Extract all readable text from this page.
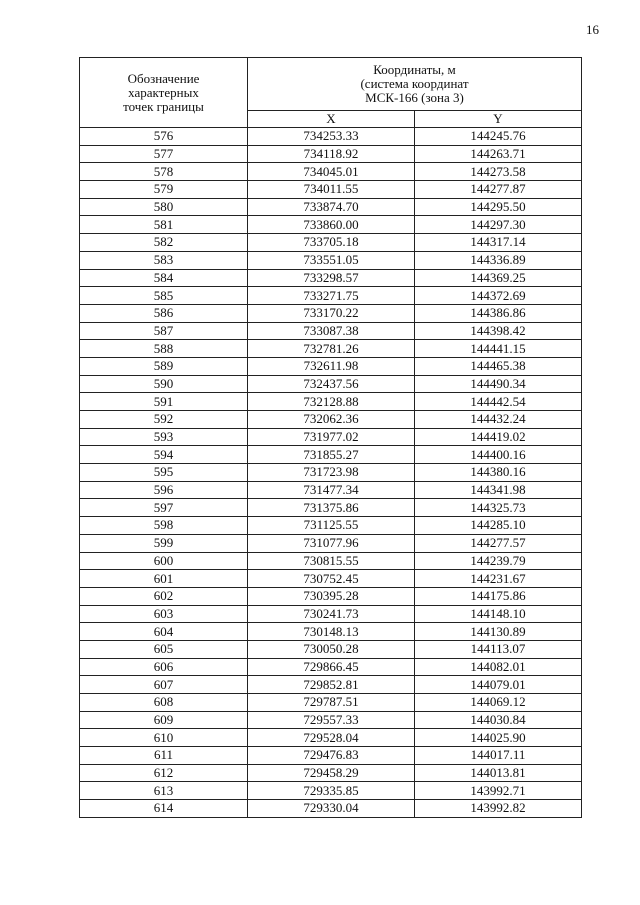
16
Обозначение
характерных
точек границы	Координаты, м
(система координат
МСК-166 (зона 3)	

	X	Y
576	734253.33	144245.76
577	734118.92	144263.71
578	734045.01	144273.58
579	734011.55	144277.87
580	733874.70	144295.50
581	733860.00	144297.30
582	733705.18	144317.14
583	733551.05	144336.89
584	733298.57	144369.25
585	733271.75	144372.69
586	733170.22	144386.86
587	733087.38	144398.42
588	732781.26	144441.15
589	732611.98	144465.38
590	732437.56	144490.34
591	732128.88	144442.54
592	732062.36	144432.24
593	731977.02	144419.02
594	731855.27	144400.16
595	731723.98	144380.16
596	731477.34	144341.98
597	731375.86	144325.73
598	731125.55	144285.10
599	731077.96	144277.57
600	730815.55	144239.79
601	730752.45	144231.67
602	730395.28	144175.86
603	730241.73	144148.10
604	730148.13	144130.89
605	730050.28	144113.07
606	729866.45	144082.01
607	729852.81	144079.01
608	729787.51	144069.12
609	729557.33	144030.84
610	729528.04	144025.90
611	729476.83	144017.11
612	729458.29	144013.81
613	729335.85	143992.71
614	729330.04	143992.82
